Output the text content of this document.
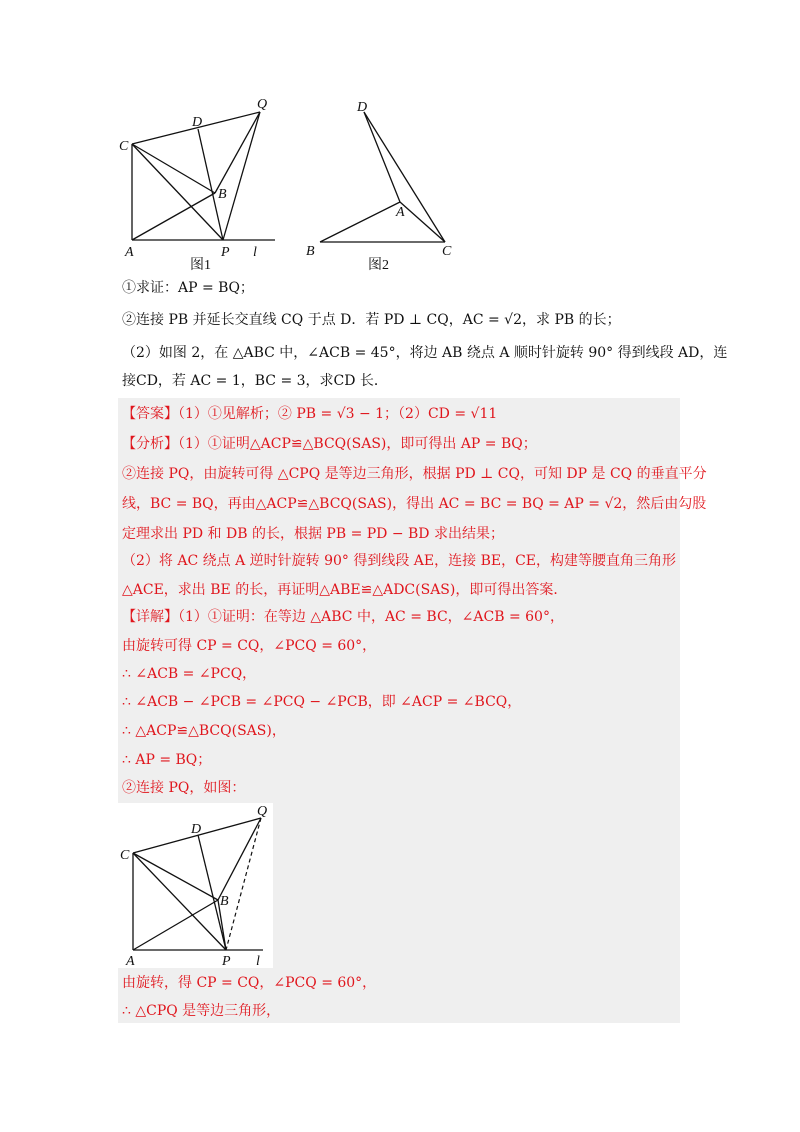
Q
D
C
B
A	P l
图1
D
A
B	C
图2
①求证：AP = BQ；
②连接 PB 并延长交直线 CQ 于点 D．若 PD ⊥ CQ，AC = √2，求 PB 的长；
（2）如图 2，在 △ABC 中，∠ACB = 45°，将边 AB 绕点 A 顺时针旋转 90° 得到线段 AD，连
接CD，若 AC = 1，BC = 3，求CD 长．
【答案】（1）①见解析；② PB = √3 − 1；（2）CD = √11
【分析】（1）①证明△ACP≌△BCQ(SAS)，即可得出 AP = BQ；
②连接 PQ，由旋转可得 △CPQ 是等边三角形，根据 PD ⊥ CQ，可知 DP 是 CQ 的垂直平分
线，BC = BQ，再由△ACP≌△BCQ(SAS)，得出 AC = BC = BQ = AP = √2，然后由勾股
定理求出 PD 和 DB 的长，根据 PB = PD − BD 求出结果；
（2）将 AC 绕点 A 逆时针旋转 90° 得到线段 AE，连接 BE，CE，构建等腰直角三角形
△ACE，求出 BE 的长，再证明△ABE≌△ADC(SAS)，即可得出答案．
【详解】（1）①证明：在等边 △ABC 中，AC = BC，∠ACB = 60°，
由旋转可得 CP = CQ，∠PCQ = 60°，
∴ ∠ACB = ∠PCQ，
∴ ∠ACB − ∠PCB = ∠PCQ − ∠PCB，即 ∠ACP = ∠BCQ，
∴ △ACP≌△BCQ(SAS)，
∴ AP = BQ；
②连接 PQ，如图：
Q
D
C
B
A	P l
由旋转，得 CP = CQ，∠PCQ = 60°，
∴ △CPQ 是等边三角形，
